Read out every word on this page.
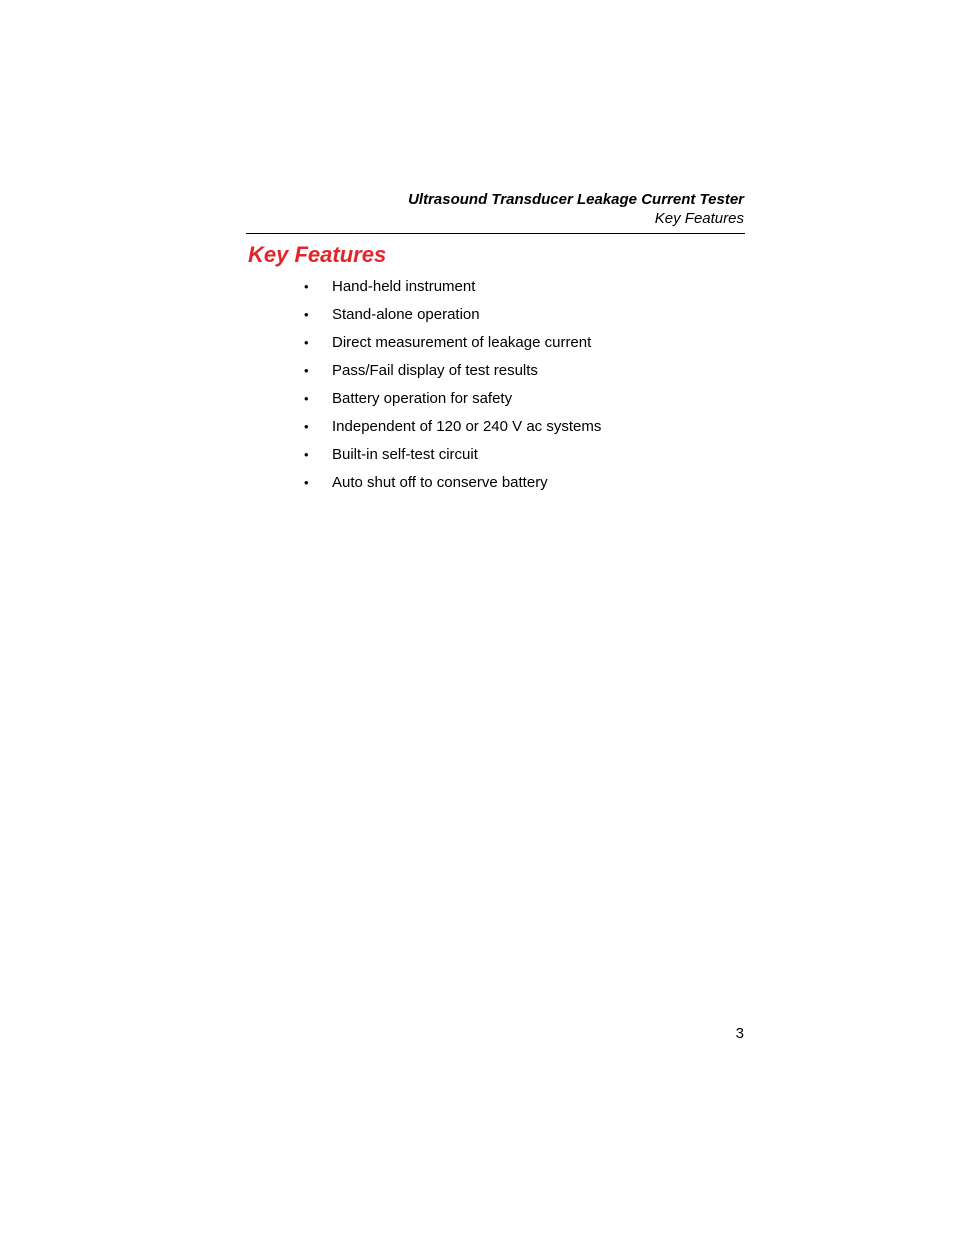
Ultrasound Transducer Leakage Current Tester
Key Features
Key Features
• Hand-held instrument
• Stand-alone operation
• Direct measurement of leakage current
• Pass/Fail display of test results
• Battery operation for safety
• Independent of 120 or 240 V ac systems
• Built-in self-test circuit
• Auto shut off to conserve battery
3
